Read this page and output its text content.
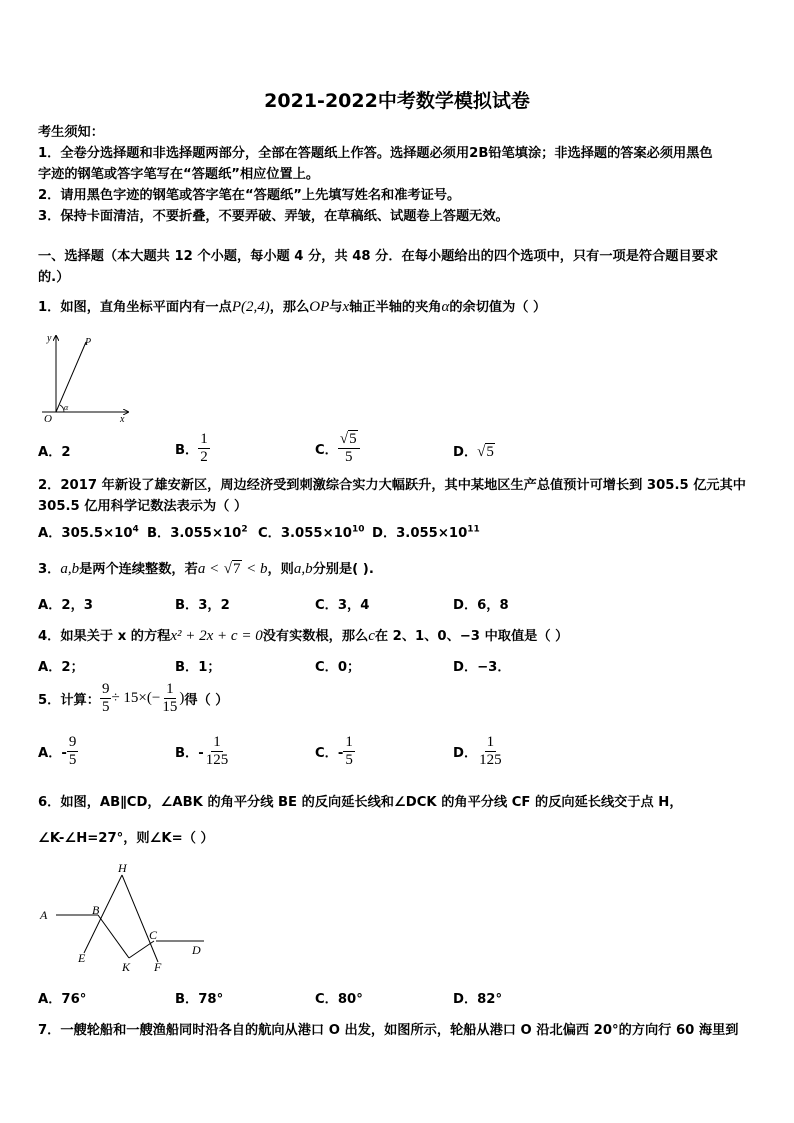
2021-2022中考数学模拟试卷
考生须知：
1．全卷分选择题和非选择题两部分，全部在答题纸上作答。选择题必须用2B铅笔填涂；非选择题的答案必须用黑色
字迹的钢笔或答字笔写在“答题纸”相应位置上。
2．请用黑色字迹的钢笔或答字笔在“答题纸”上先填写姓名和准考证号。
3．保持卡面清洁，不要折叠，不要弄破、弄皱，在草稿纸、试题卷上答题无效。
一、选择题（本大题共 12 个小题，每小题 4 分，共 48 分．在每小题给出的四个选项中，只有一项是符合题目要求
的.）
1．如图，直角坐标平面内有一点P(2,4)，那么OP与x轴正半轴的夹角α的余切值为（ ）
y	P
O
α
x
A．2	B． $\frac{1}{2}$	C． $\frac{√5}{5}$	D．√5
2．2017 年新设了雄安新区，周边经济受到刺激综合实力大幅跃升，其中某地区生产总值预计可增长到 305.5 亿元其中
305.5 亿用科学记数法表示为（ ）
A．$305.5\times 10^4$ B．$3.055\times 10^2$ C．$3.055\times 10^{10}$ D．$3.055\times 10^{11}$
3．a,b是两个连续整数，若a < √7 < b，则a,b分别是( ).
A．2，3	B．3，2	C．3，4	D．6，8
4．如果关于 x 的方程x² + 2x + c = 0没有实数根，那么c在 2、1、0、−3 中取值是（ ）
A．2；	B．1；	C．0；	D．−3．
5．计算： $\frac{9}{5} \div 15\times(- \frac{1}{15}$ )得（ ）
A．- $\frac{9}{5}$	B．- $\frac{1}{125}$	C．- $\frac{1}{5}$	D． $\frac{1}{125}$
6．如图，AB∥CD，∠ABK 的角平分线 BE 的反向延长线和∠DCK 的角平分线 CF 的反向延长线交于点 H，
∠K-∠H=27°，则∠K=（ ）
H
A	B
C
D
E
K F
A．76°	B．78°	C．80°	D．82°
7．一艘轮船和一艘渔船同时沿各自的航向从港口 O 出发，如图所示，轮船从港口 O 沿北偏西 20°的方向行 60 海里到
